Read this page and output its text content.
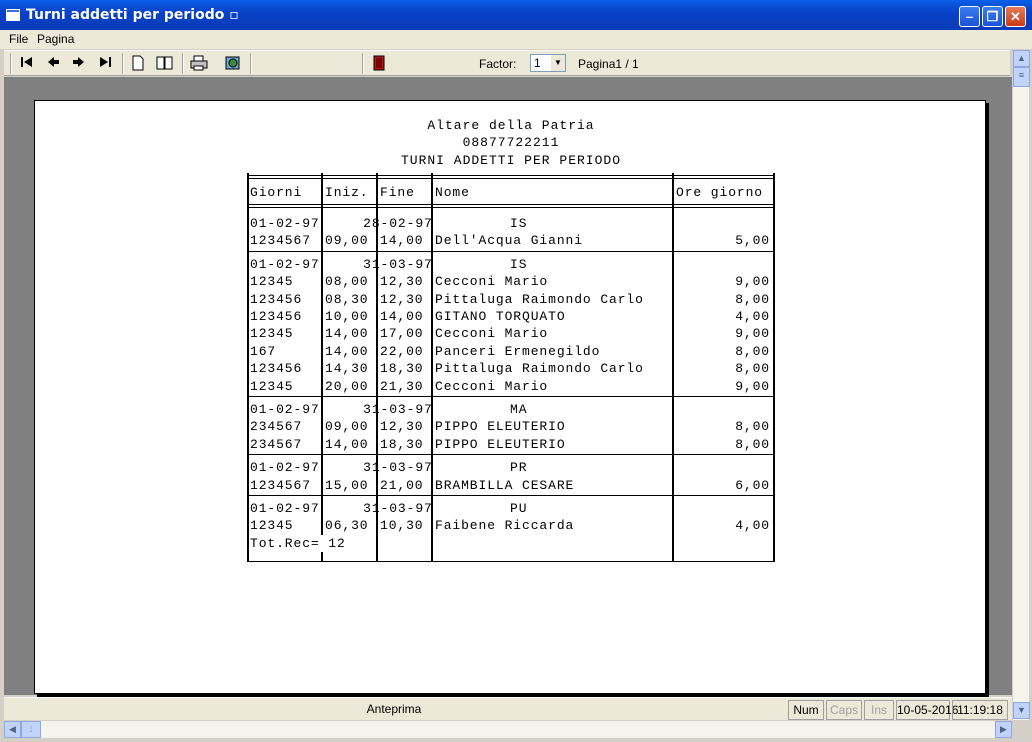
Turni addetti per periodo ▫	–	❐ ✕
File Pagina
Factor:	1	▼ Pagina1 / 1
Altare della Patria
08877722211
TURNI ADDETTI PER PERIODO
Giorni Iniz. Fine Nome	Ore giorno
01-02-97     28-02-97	IS
1234567 09,00 14,00 Dell'Acqua Gianni	5,00
01-02-97     31-03-97	IS
12345 08,00 12,30 Cecconi Mario	9,00
123456 08,30 12,30 Pittaluga Raimondo Carlo	8,00
123456 10,00 14,00 GITANO TORQUATO	4,00
12345 14,00 17,00 Cecconi Mario	9,00
167	14,00 22,00 Panceri Ermenegildo	8,00
123456 14,30 18,30 Pittaluga Raimondo Carlo	8,00
12345 20,00 21,30 Cecconi Mario	9,00
01-02-97     31-03-97	MA
234567 09,00 12,30 PIPPO ELEUTERIO	8,00
234567 14,00 18,30 PIPPO ELEUTERIO	8,00
01-02-97     31-03-97	PR
1234567 15,00 21,00 BRAMBILLA CESARE	6,00
01-02-97     31-03-97	PU
12345 06,30 10,30 Faibene Riccarda	4,00
Tot.Rec= 12
▲
≡
▼
Anteprima	Num Caps	Ins 10-05-2016
11:19:18
◀	⦙	▶
